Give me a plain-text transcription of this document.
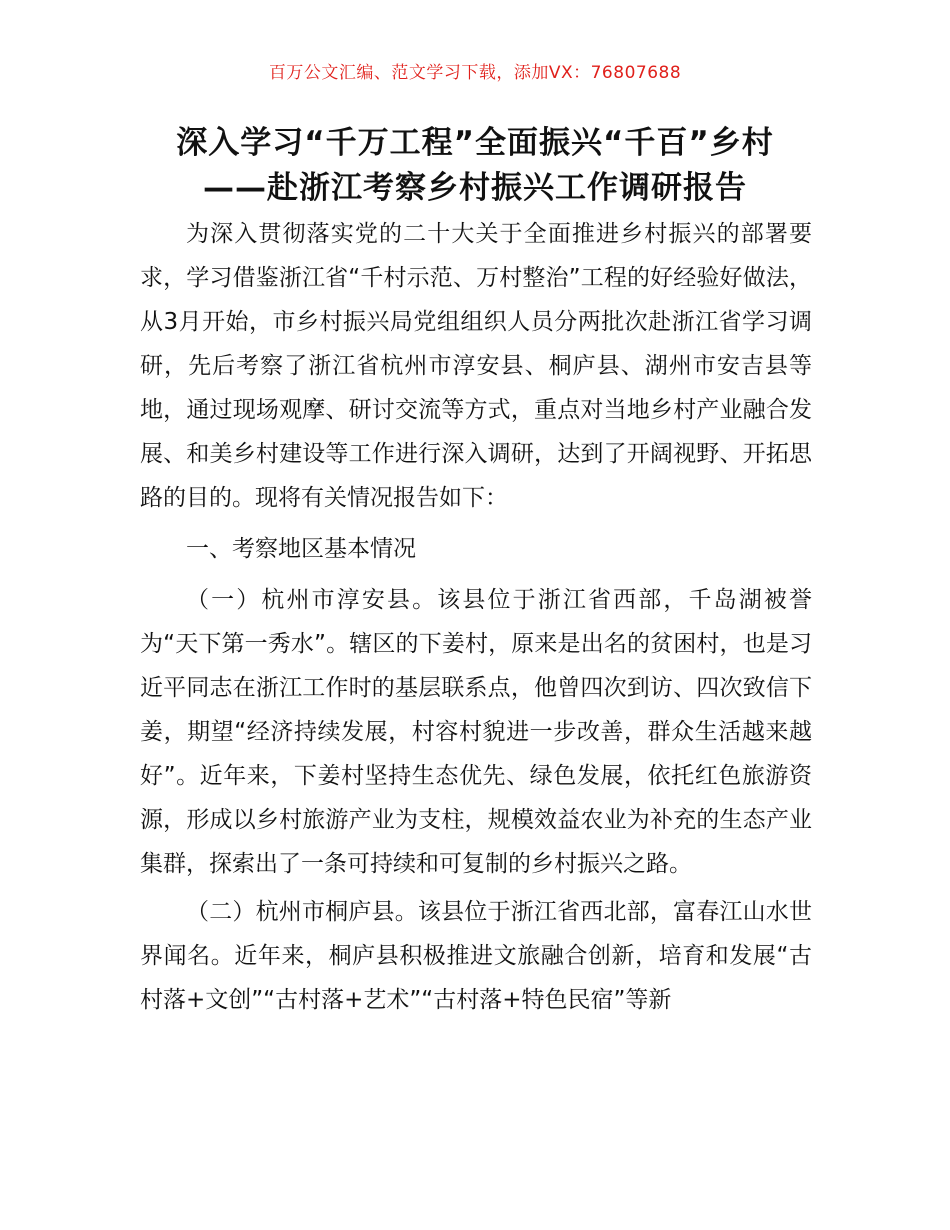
百万公文汇编、范文学习下载，添加VX：76807688
深入学习“千万工程”全面振兴“千百”乡村
——赴浙江考察乡村振兴工作调研报告

为深入贯彻落实党的二十大关于全面推进乡村振兴的部署要求，学习借鉴浙江省“千村示范、万村整治”工程的好经验好做法，从3月开始，市乡村振兴局党组组织人员分两批次赴浙江省学习调研，先后考察了浙江省杭州市淳安县、桐庐县、湖州市安吉县等地，通过现场观摩、研讨交流等方式，重点对当地乡村产业融合发展、和美乡村建设等工作进行深入调研，达到了开阔视野、开拓思路的目的。现将有关情况报告如下：

一、考察地区基本情况

（一）杭州市淳安县。该县位于浙江省西部，千岛湖被誉为“天下第一秀水”。辖区的下姜村，原来是出名的贫困村，也是习近平同志在浙江工作时的基层联系点，他曾四次到访、四次致信下姜，期望“经济持续发展，村容村貌进一步改善，群众生活越来越好”。近年来，下姜村坚持生态优先、绿色发展，依托红色旅游资源，形成以乡村旅游产业为支柱，规模效益农业为补充的生态产业集群，探索出了一条可持续和可复制的乡村振兴之路。

（二）杭州市桐庐县。该县位于浙江省西北部，富春江山水世界闻名。近年来，桐庐县积极推进文旅融合创新，培育和发展“古村落+文创”“古村落+艺术”“古村落+特色民宿”等新
